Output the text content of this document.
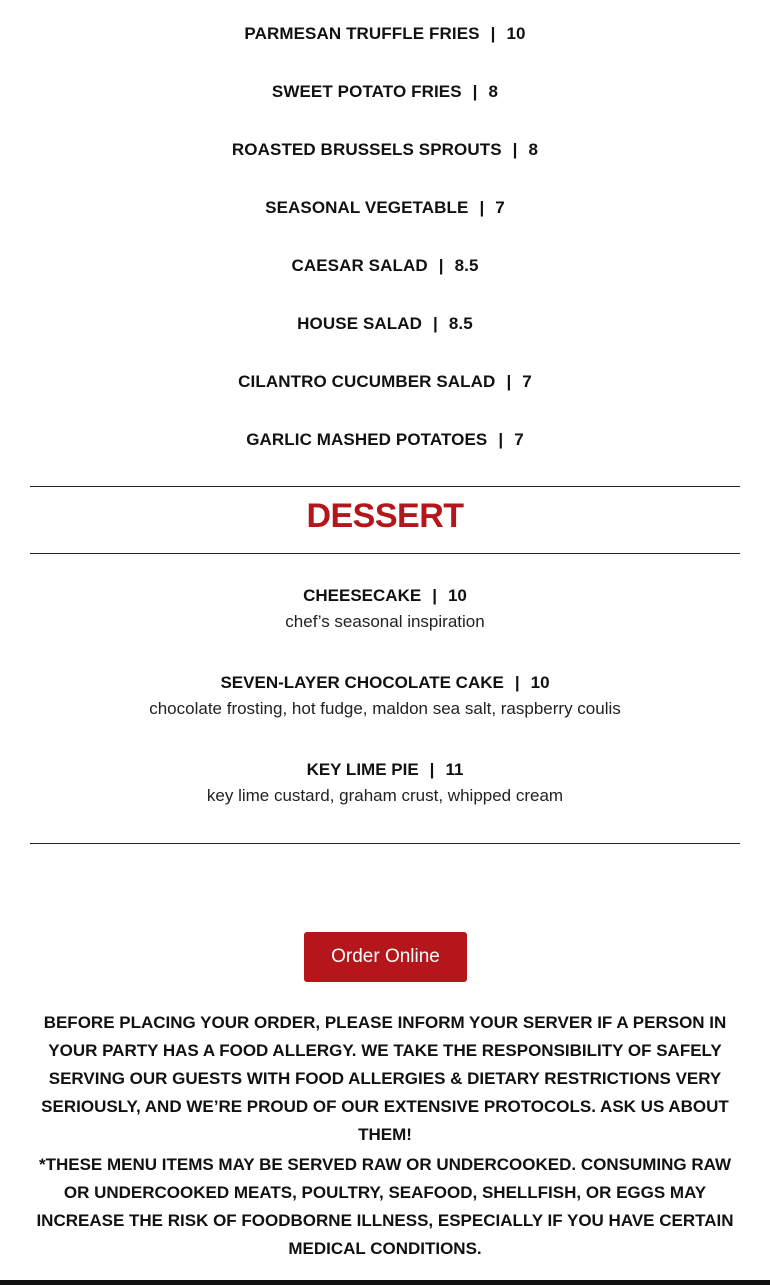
PARMESAN TRUFFLE FRIES | 10
SWEET POTATO FRIES | 8
ROASTED BRUSSELS SPROUTS | 8
SEASONAL VEGETABLE | 7
CAESAR SALAD | 8.5
HOUSE SALAD | 8.5
CILANTRO CUCUMBER SALAD | 7
GARLIC MASHED POTATOES | 7
DESSERT
CHEESECAKE | 10
chef’s seasonal inspiration
SEVEN-LAYER CHOCOLATE CAKE | 10
chocolate frosting, hot fudge, maldon sea salt, raspberry coulis
KEY LIME PIE | 11
key lime custard, graham crust, whipped cream
Order Online
BEFORE PLACING YOUR ORDER, PLEASE INFORM YOUR SERVER IF A PERSON IN YOUR PARTY HAS A FOOD ALLERGY. WE TAKE THE RESPONSIBILITY OF SAFELY SERVING OUR GUESTS WITH FOOD ALLERGIES & DIETARY RESTRICTIONS VERY SERIOUSLY, AND WE’RE PROUD OF OUR EXTENSIVE PROTOCOLS. ASK US ABOUT THEM!
*THESE MENU ITEMS MAY BE SERVED RAW OR UNDERCOOKED. CONSUMING RAW OR UNDERCOOKED MEATS, POULTRY, SEAFOOD, SHELLFISH, OR EGGS MAY INCREASE THE RISK OF FOODBORNE ILLNESS, ESPECIALLY IF YOU HAVE CERTAIN MEDICAL CONDITIONS.
